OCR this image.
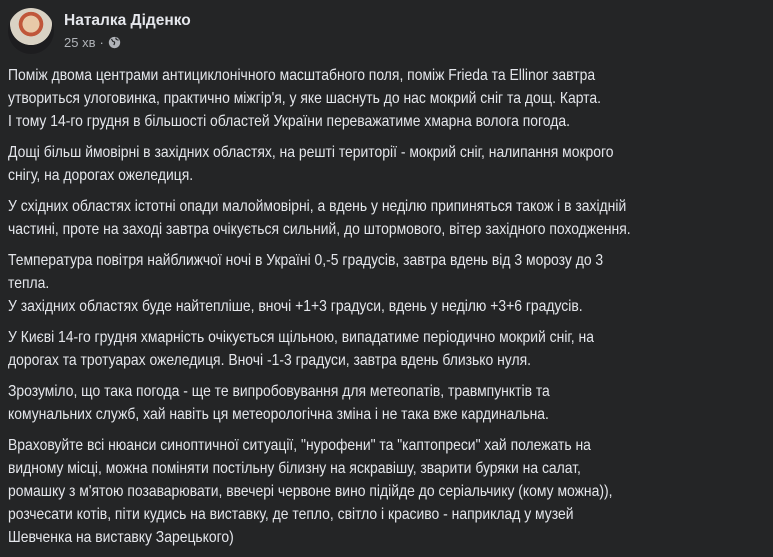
Наталка Діденко
25 хв ·
Поміж двома центрами антициклонічного масштабного поля, поміж Frieda та Ellinor завтра
утвориться улоговинка, практично міжгір'я, у яке шаснуть до нас мокрий сніг та дощ. Карта.
І тому 14-го грудня в більшості областей України переважатиме хмарна волога погода.
Дощі більш ймовірні в західних областях, на решті території - мокрий сніг, налипання мокрого
снігу, на дорогах ожеледиця.
У східних областях істотні опади малоймовірні, а вдень у неділю припиняться також і в західній
частині, проте на заході завтра очікується сильний, до штормового, вітер західного походження.
Температура повітря найближчої ночі в Україні 0,-5 градусів, завтра вдень від 3 морозу до 3
тепла.
У західних областях буде найтепліше, вночі +1+3 градуси, вдень у неділю +3+6 градусів.
У Києві 14-го грудня хмарність очікується щільною, випадатиме періодично мокрий сніг, на
дорогах та тротуарах ожеледиця. Вночі -1-3 градуси, завтра вдень близько нуля.
Зрозуміло, що така погода - ще те випробовування для метеопатів, травмпунктів та
комунальних служб, хай навіть ця метеорологічна зміна і не така вже кардинальна.
Враховуйте всі нюанси синоптичної ситуації, "нурофени" та "каптопреси" хай полежать на
видному місці, можна поміняти постільну білизну на яскравішу, зварити буряки на салат,
ромашку з м'ятою позаварювати, ввечері червоне вино підійде до серіальчику (кому можна)),
розчесати котів, піти кудись на виставку, де тепло, світло і красиво - наприклад у музей
Шевченка на виставку Зарецького)
